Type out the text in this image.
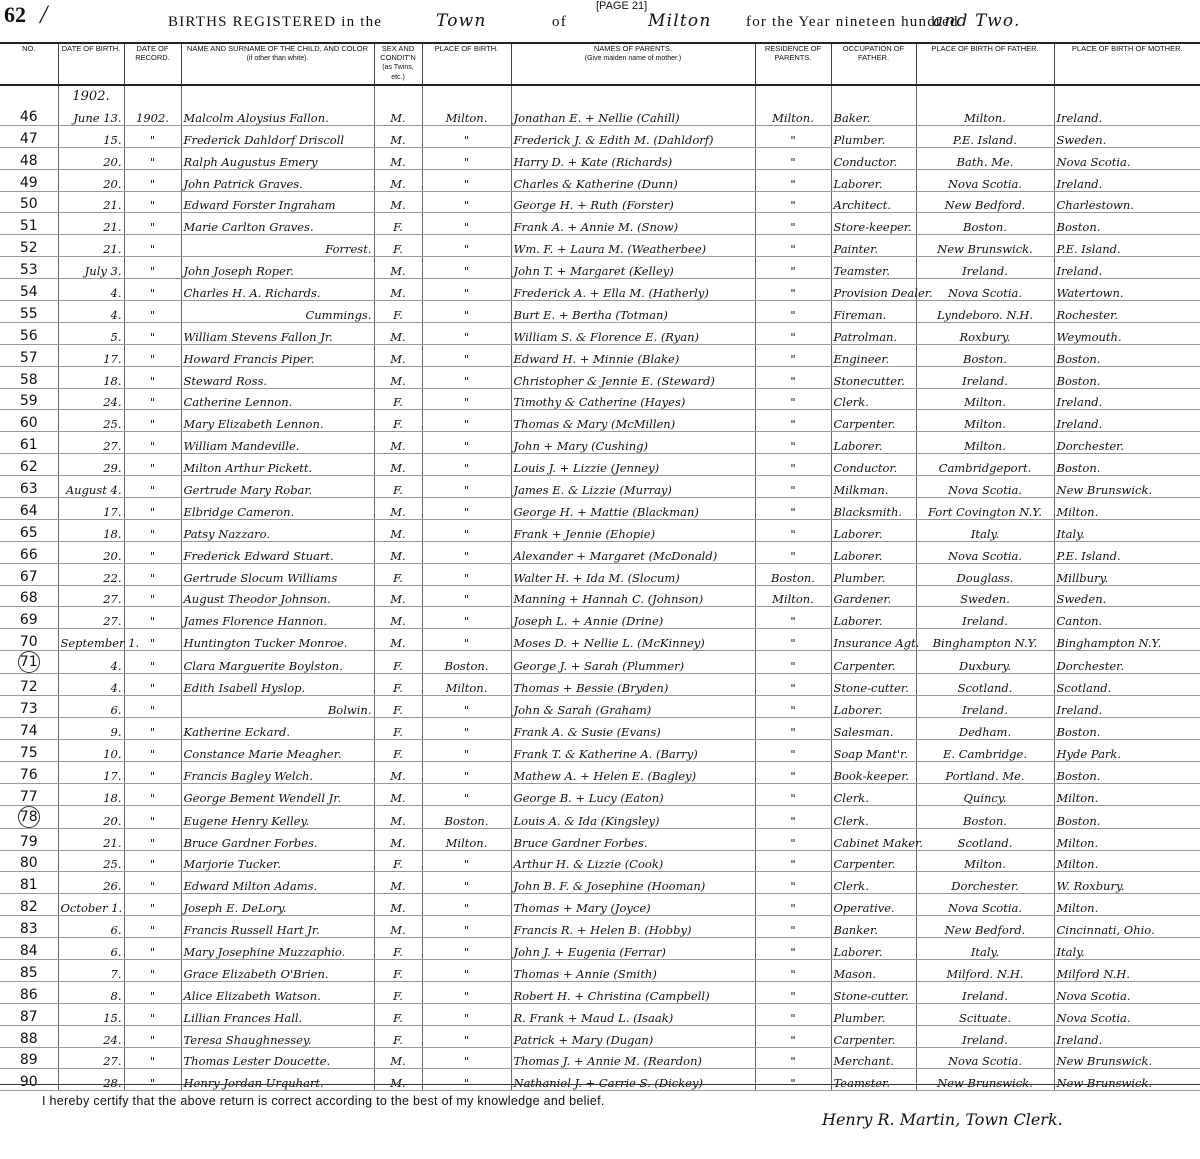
62 /	[PAGE 21]
BIRTHS REGISTERED in the	Town	of	Milton for the Year nineteen hundred
and Two.
NO.	DATE OF BIRTH.	DATE OF RECORD.	NAME AND SURNAME OF THE CHILD, AND COLOR
(if other than white).	SEX AND CONDIT'N
(as Twins, etc.)	PLACE OF BIRTH.	NAMES OF PARENTS.
(Give maiden name of mother.)	RESIDENCE OF PARENTS.	OCCUPATION OF FATHER.	PLACE OF BIRTH OF FATHER.	PLACE OF BIRTH OF MOTHER.
	1902.									
46	June 13.	1902.	Malcolm Aloysius Fallon.	M.	Milton.	Jonathan E. + Nellie (Cahill)	Milton.	Baker.	Milton.	Ireland.
47	15.	"	Frederick Dahldorf Driscoll	M.	"	Frederick J. & Edith M. (Dahldorf)	"	Plumber.	P.E. Island.	Sweden.
48	20.	"	Ralph Augustus Emery	M.	"	Harry D. + Kate (Richards)	"	Conductor.	Bath. Me.	Nova Scotia.
49	20.	"	John Patrick Graves.	M.	"	Charles & Katherine (Dunn)	"	Laborer.	Nova Scotia.	Ireland.
50	21.	"	Edward Forster Ingraham	M.	"	George H. + Ruth (Forster)	"	Architect.	New Bedford.	Charlestown.
51	21.	"	Marie Carlton Graves.	F.	"	Frank A. + Annie M. (Snow)	"	Store-keeper.	Boston.	Boston.
52	21.	"	Forrest.	F.	"	Wm. F. + Laura M. (Weatherbee)	"	Painter.	New Brunswick.	P.E. Island.
53	July 3.	"	John Joseph Roper.	M.	"	John T. + Margaret (Kelley)	"	Teamster.	Ireland.	Ireland.
54	4.	"	Charles H. A. Richards.	M.	"	Frederick A. + Ella M. (Hatherly)	"	Provision Dealer.	Nova Scotia.	Watertown.
55	4.	"	Cummings.	F.	"	Burt E. + Bertha (Totman)	"	Fireman.	Lyndeboro. N.H.	Rochester.
56	5.	"	William Stevens Fallon Jr.	M.	"	William S. & Florence E. (Ryan)	"	Patrolman.	Roxbury.	Weymouth.
57	17.	"	Howard Francis Piper.	M.	"	Edward H. + Minnie (Blake)	"	Engineer.	Boston.	Boston.
58	18.	"	Steward Ross.	M.	"	Christopher & Jennie E. (Steward)	"	Stonecutter.	Ireland.	Boston.
59	24.	"	Catherine Lennon.	F.	"	Timothy & Catherine (Hayes)	"	Clerk.	Milton.	Ireland.
60	25.	"	Mary Elizabeth Lennon.	F.	"	Thomas & Mary (McMillen)	"	Carpenter.	Milton.	Ireland.
61	27.	"	William Mandeville.	M.	"	John + Mary (Cushing)	"	Laborer.	Milton.	Dorchester.
62	29.	"	Milton Arthur Pickett.	M.	"	Louis J. + Lizzie (Jenney)	"	Conductor.	Cambridgeport.	Boston.
63	August 4.	"	Gertrude Mary Robar.	F.	"	James E. & Lizzie (Murray)	"	Milkman.	Nova Scotia.	New Brunswick.
64	17.	"	Elbridge Cameron.	M.	"	George H. + Mattie (Blackman)	"	Blacksmith.	Fort Covington N.Y.	Milton.
65	18.	"	Patsy Nazzaro.	M.	"	Frank + Jennie (Ehopie)	"	Laborer.	Italy.	Italy.
66	20.	"	Frederick Edward Stuart.	M.	"	Alexander + Margaret (McDonald)	"	Laborer.	Nova Scotia.	P.E. Island.
67	22.	"	Gertrude Slocum Williams	F.	"	Walter H. + Ida M. (Slocum)	Boston.	Plumber.	Douglass.	Millbury.
68	27.	"	August Theodor Johnson.	M.	"	Manning + Hannah C. (Johnson)	Milton.	Gardener.	Sweden.	Sweden.
69	27.	"	James Florence Hannon.	M.	"	Joseph L. + Annie (Drine)	"	Laborer.	Ireland.	Canton.
70	September 1.	"	Huntington Tucker Monroe.	M.	"	Moses D. + Nellie L. (McKinney)	"	Insurance Agt.	Binghampton N.Y.	Binghampton N.Y.
71	4.	"	Clara Marguerite Boylston.	F.	Boston.	George J. + Sarah (Plummer)	"	Carpenter.	Duxbury.	Dorchester.
72	4.	"	Edith Isabell Hyslop.	F.	Milton.	Thomas + Bessie (Bryden)	"	Stone-cutter.	Scotland.	Scotland.
73	6.	"	Bolwin.	F.	"	John & Sarah (Graham)	"	Laborer.	Ireland.	Ireland.
74	9.	"	Katherine Eckard.	F.	"	Frank A. & Susie (Evans)	"	Salesman.	Dedham.	Boston.
75	10.	"	Constance Marie Meagher.	F.	"	Frank T. & Katherine A. (Barry)	"	Soap Mant'r.	E. Cambridge.	Hyde Park.
76	17.	"	Francis Bagley Welch.	M.	"	Mathew A. + Helen E. (Bagley)	"	Book-keeper.	Portland. Me.	Boston.
77	18.	"	George Bement Wendell Jr.	M.	"	George B. + Lucy (Eaton)	"	Clerk.	Quincy.	Milton.
78	20.	"	Eugene Henry Kelley.	M.	Boston.	Louis A. & Ida (Kingsley)	"	Clerk.	Boston.	Boston.
79	21.	"	Bruce Gardner Forbes.	M.	Milton.	Bruce Gardner Forbes.	"	Cabinet Maker.	Scotland.	Milton.
80	25.	"	Marjorie Tucker.	F.	"	Arthur H. & Lizzie (Cook)	"	Carpenter.	Milton.	Milton.
81	26.	"	Edward Milton Adams.	M.	"	John B. F. & Josephine (Hooman)	"	Clerk.	Dorchester.	W. Roxbury.
82	October 1.	"	Joseph E. DeLory.	M.	"	Thomas + Mary (Joyce)	"	Operative.	Nova Scotia.	Milton.
83	6.	"	Francis Russell Hart Jr.	M.	"	Francis R. + Helen B. (Hobby)	"	Banker.	New Bedford.	Cincinnati, Ohio.
84	6.	"	Mary Josephine Muzzaphio.	F.	"	John J. + Eugenia (Ferrar)	"	Laborer.	Italy.	Italy.
85	7.	"	Grace Elizabeth O'Brien.	F.	"	Thomas + Annie (Smith)	"	Mason.	Milford. N.H.	Milford N.H.
86	8.	"	Alice Elizabeth Watson.	F.	"	Robert H. + Christina (Campbell)	"	Stone-cutter.	Ireland.	Nova Scotia.
87	15.	"	Lillian Frances Hall.	F.	"	R. Frank + Maud L. (Isaak)	"	Plumber.	Scituate.	Nova Scotia.
88	24.	"	Teresa Shaughnessey.	F.	"	Patrick + Mary (Dugan)	"	Carpenter.	Ireland.	Ireland.
89	27.	"	Thomas Lester Doucette.	M.	"	Thomas J. + Annie M. (Reardon)	"	Merchant.	Nova Scotia.	New Brunswick.
90	28.	"	Henry Jordan Urquhart.	M.	"	Nathaniel J. + Carrie S. (Dickey)	"	Teamster.	New Brunswick.	New Brunswick.
I hereby certify that the above return is correct according to the best of my knowledge and belief.
Henry R. Martin, Town Clerk.
